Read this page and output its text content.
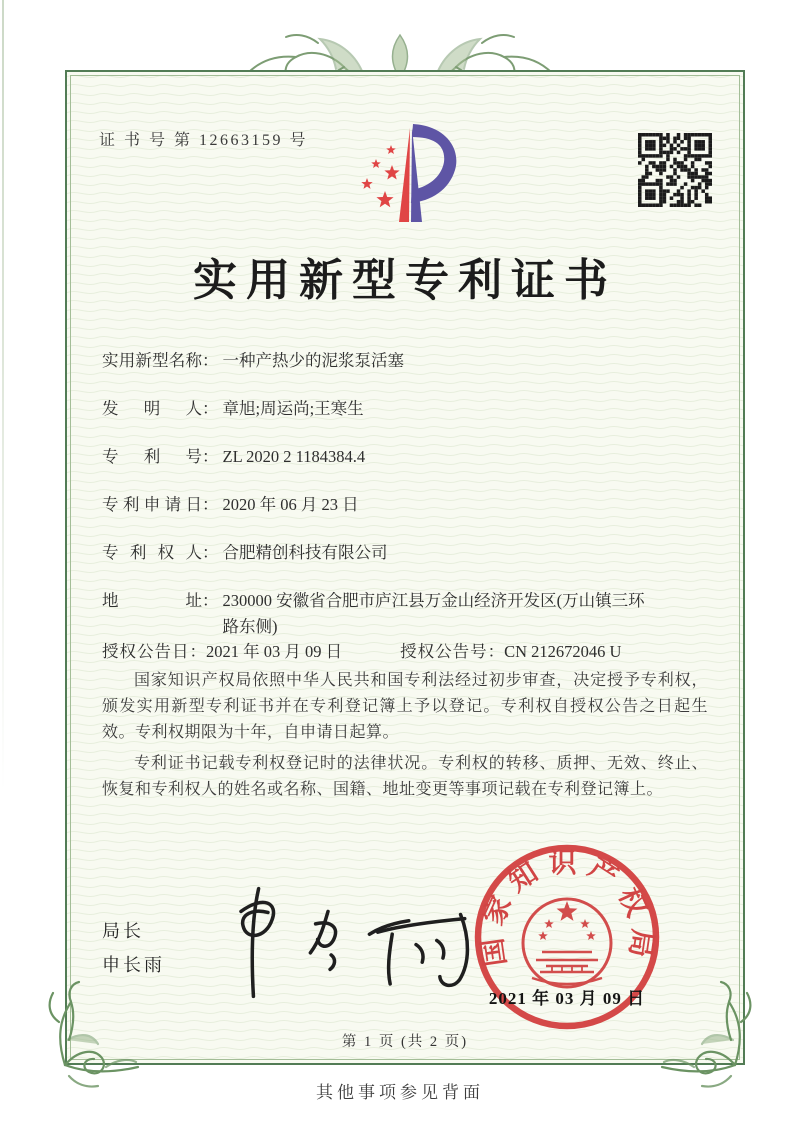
证 书 号 第 12663159 号
实用新型专利证书
实用新型名称 ： 一种产热少的泥浆泵活塞
发明人 ： 章旭;周运尚;王寒生
专利号 ： ZL 2020 2 1184384.4
专利申请日 ： 2020 年 06 月 23 日
专利权人 ： 合肥精创科技有限公司
地址 ： 230000 安徽省合肥市庐江县万金山经济开发区(万山镇三环路东侧)
授权公告日 ： 2021 年 03 月 09 日	授权公告号 ： CN 212672046 U

国家知识产权局依照中华人民共和国专利法经过初步审查，决定授予专利权，颁发实用新型专利证书并在专利登记簿上予以登记。专利权自授权公告之日起生效。专利权期限为十年，自申请日起算。

专利证书记载专利权登记时的法律状况。专利权的转移、质押、无效、终止、恢复和专利权人的姓名或名称、国籍、地址变更等事项记载在专利登记簿上。

局长
申长雨	国家知识产权局
2021 年 03 月 09 日
第 1 页 (共 2 页)
其他事项参见背面
